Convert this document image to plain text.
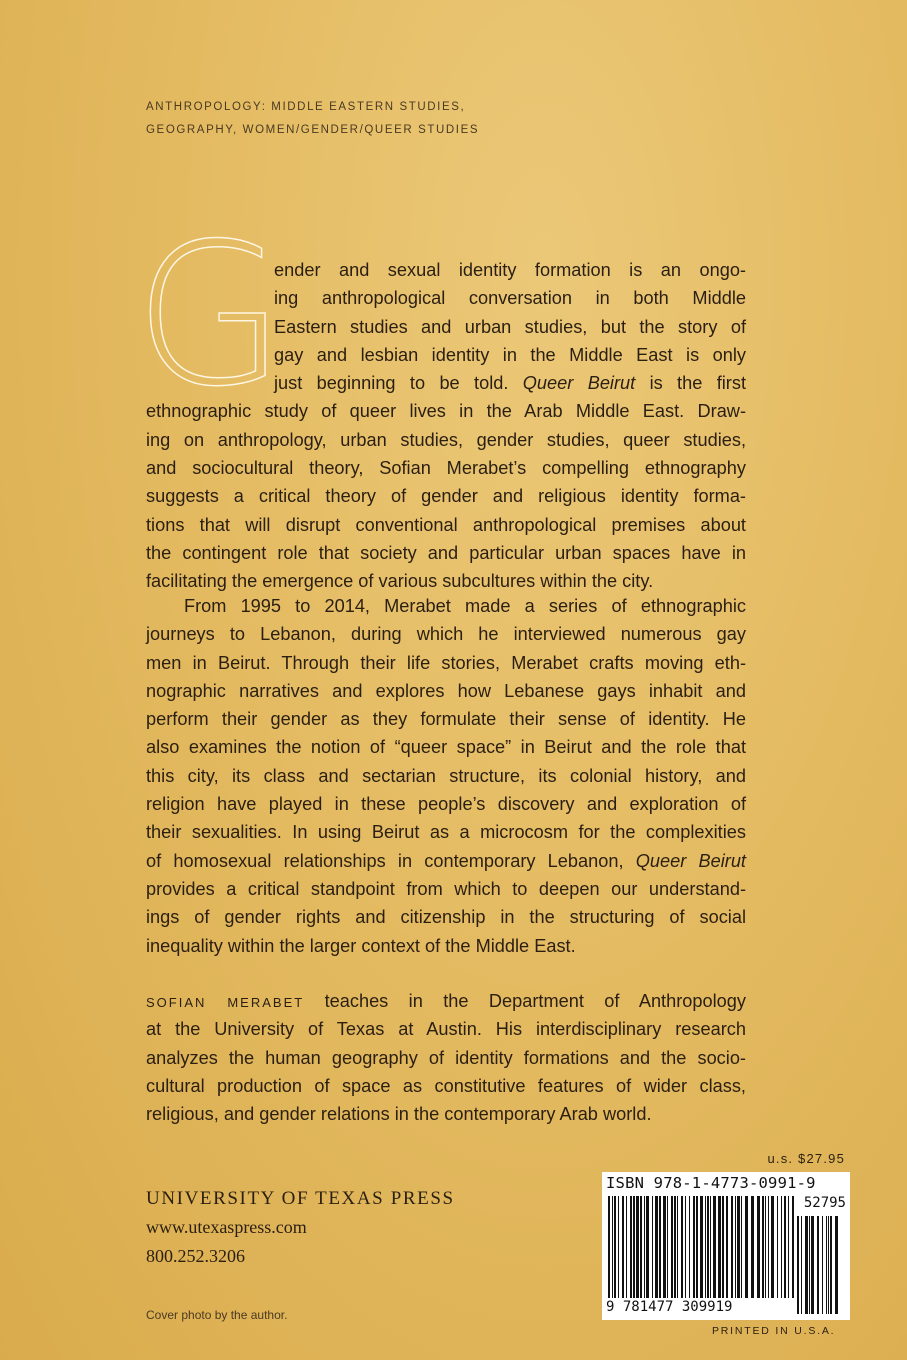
ANTHROPOLOGY: MIDDLE EASTERN STUDIES,
GEOGRAPHY, WOMEN/GENDER/QUEER STUDIES
G
ender and sexual identity formation is an ongo-
ing anthropological conversation in both Middle
Eastern studies and urban studies, but the story of
gay and lesbian identity in the Middle East is only
just beginning to be told. Queer Beirut is the first
ethnographic study of queer lives in the Arab Middle East. Draw-
ing on anthropology, urban studies, gender studies, queer studies,
and sociocultural theory, Sofian Merabet’s compelling ethnography
suggests a critical theory of gender and religious identity forma-
tions that will disrupt conventional anthropological premises about
the contingent role that society and particular urban spaces have in
facilitating the emergence of various subcultures within the city.
From 1995 to 2014, Merabet made a series of ethnographic
journeys to Lebanon, during which he interviewed numerous gay
men in Beirut. Through their life stories, Merabet crafts moving eth-
nographic narratives and explores how Lebanese gays inhabit and
perform their gender as they formulate their sense of identity. He
also examines the notion of “queer space” in Beirut and the role that
this city, its class and sectarian structure, its colonial history, and
religion have played in these people’s discovery and exploration of
their sexualities. In using Beirut as a microcosm for the complexities
of homosexual relationships in contemporary Lebanon, Queer Beirut
provides a critical standpoint from which to deepen our understand-
ings of gender rights and citizenship in the structuring of social
inequality within the larger context of the Middle East.
SOFIAN MERABET teaches in the Department of Anthropology
at the University of Texas at Austin. His interdisciplinary research
analyzes the human geography of identity formations and the socio-
cultural production of space as constitutive features of wider class,
religious, and gender relations in the contemporary Arab world.
u.s. $27.95
UNIVERSITY OF TEXAS PRESS
www.utexaspress.com
800.252.3206
Cover photo by the author.
ISBN 978-1-4773-0991-9
52795
9 781477 309919
PRINTED IN U.S.A.
